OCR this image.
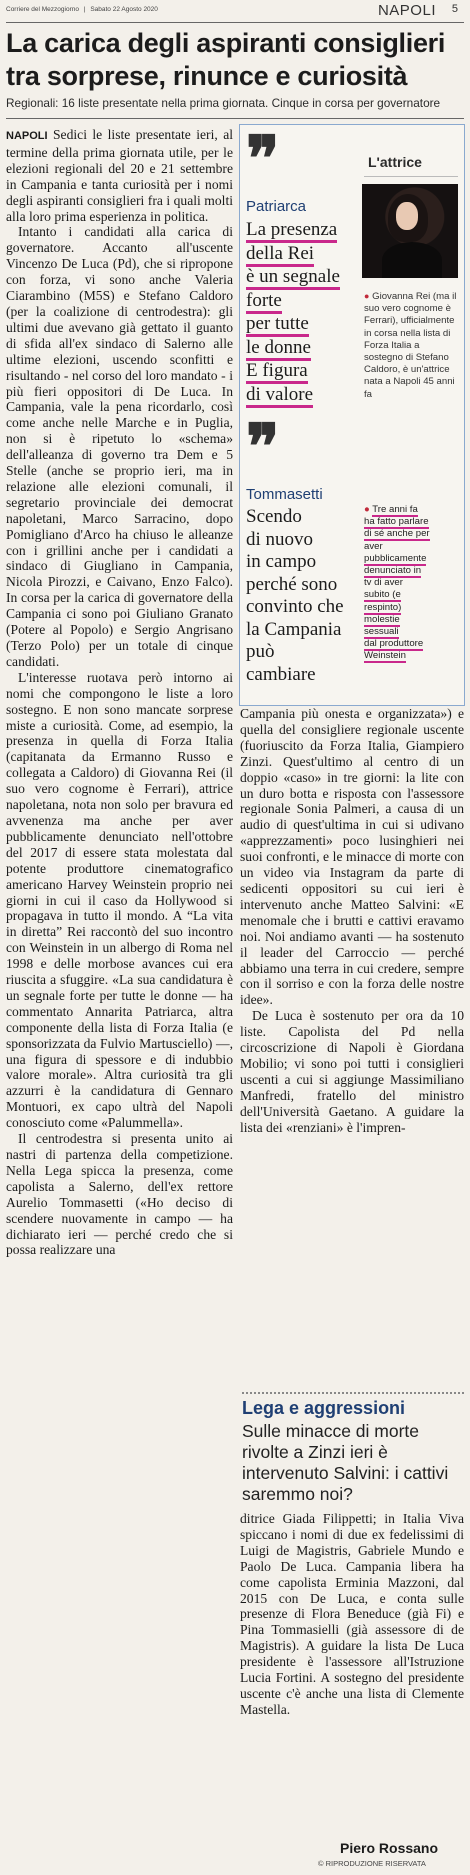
Corriere del Mezzogiorno | Sabato 22 Agosto 2020	NAPOLI 5
La carica degli aspiranti consiglieri
tra sorprese, rinunce e curiosità
Regionali: 16 liste presentate nella prima giornata. Cinque in corsa per governatore

NAPOLI Sedici le liste presentate ieri, al termine della prima giornata utile, per le elezioni regionali del 20 e 21 settembre in Campania e tanta curiosità per i nomi degli aspiranti consiglieri fra i quali molti alla loro prima esperienza in politica.

Intanto i candidati alla carica di governatore. Accanto all'uscente Vincenzo De Luca (Pd), che si ripropone con forza, vi sono anche Valeria Ciarambino (M5S) e Stefano Caldoro (per la coalizione di centrodestra): gli ultimi due avevano già gettato il guanto di sfida all'ex sindaco di Salerno alle ultime elezioni, uscendo sconfitti e risultando - nel corso del loro mandato - i più fieri oppositori di De Luca. In Campania, vale la pena ricordarlo, così come anche nelle Marche e in Puglia, non si è ripetuto lo «schema» dell'alleanza di governo tra Dem e 5 Stelle (anche se proprio ieri, ma in relazione alle elezioni comunali, il segretario provinciale dei democrat napoletani, Marco Sarracino, dopo Pomigliano d'Arco ha chiuso le alleanze con i grillini anche per i candidati a sindaco di Giugliano in Campania, Nicola Pirozzi, e Caivano, Enzo Falco). In corsa per la carica di governatore della Campania ci sono poi Giuliano Granato (Potere al Popolo) e Sergio Angrisano (Terzo Polo) per un totale di cinque candidati.

L'interesse ruotava però intorno ai nomi che compongono le liste a loro sostegno. E non sono mancate sorprese miste a curiosità. Come, ad esempio, la presenza in quella di Forza Italia (capitanata da Ermanno Russo e collegata a Caldoro) di Giovanna Rei (il suo vero cognome è Ferrari), attrice napoletana, nota non solo per bravura ed avvenenza ma anche per aver pubblicamente denunciato nell'ottobre del 2017 di essere stata molestata dal potente produttore cinematografico americano Harvey Weinstein proprio nei giorni in cui il caso da Hollywood si propagava in tutto il mondo. A “La vita in diretta” Rei raccontò del suo incontro con Weinstein in un albergo di Roma nel 1998 e delle morbose avances cui era riuscita a sfuggire. «La sua candidatura è un segnale forte per tutte le donne — ha commentato Annarita Patriarca, altra componente della lista di Forza Italia (e sponsorizzata da Fulvio Martusciello) —, una figura di spessore e di indubbio valore morale». Altra curiosità tra gli azzurri è la candidatura di Gennaro Montuori, ex capo ultrà del Napoli conosciuto come «Palummella».

Il centrodestra si presenta unito ai nastri di partenza della competizione. Nella Lega spicca la presenza, come capolista a Salerno, dell'ex rettore Aurelio Tommasetti («Ho deciso di scendere nuovamente in campo — ha dichiarato ieri — perché credo che si possa realizzare una

❞
Patriarca
La presenza
della Rei
è un segnale
forte
per tutte
le donne
E figura
di valore
❞
Tommasetti
Scendo
di nuovo
in campo
perché sono
convinto che
la Campania
può
cambiare
L'attrice
● Giovanna Rei (ma il suo vero cognome è Ferrari), ufficialmente in corsa nella lista di Forza Italia a sostegno di Stefano Caldoro, è un'attrice nata a Napoli 45 anni fa
● Tre anni fa
ha fatto parlare
di sé anche per
aver
pubblicamente
denunciato in
tv di aver
subito (e
respinto)
molestie
sessuali
dal produttore
Weinstein

Campania più onesta e organizzata») e quella del consigliere regionale uscente (fuoriuscito da Forza Italia, Giampiero Zinzi. Quest'ultimo al centro di un doppio «caso» in tre giorni: la lite con un duro botta e risposta con l'assessore regionale Sonia Palmeri, a causa di un audio di quest'ultima in cui si udivano «apprezzamenti» poco lusinghieri nei suoi confronti, e le minacce di morte con un video via Instagram da parte di sedicenti oppositori su cui ieri è intervenuto anche Matteo Salvini: «E menomale che i brutti e cattivi eravamo noi. Noi andiamo avanti — ha sostenuto il leader del Carroccio — perché abbiamo una terra in cui credere, sempre con il sorriso e con la forza delle nostre idee».

De Luca è sostenuto per ora da 10 liste. Capolista del Pd nella circoscrizione di Napoli è Giordana Mobilio; vi sono poi tutti i consiglieri uscenti a cui si aggiunge Massimiliano Manfredi, fratello del ministro dell'Università Gaetano. A guidare la lista dei «renziani» è l'impren-

Lega e aggressioni
Sulle minacce di morte rivolte a Zinzi ieri è intervenuto Salvini: i cattivi saremmo noi?

ditrice Giada Filippetti; in Italia Viva spiccano i nomi di due ex fedelissimi di Luigi de Magistris, Gabriele Mundo e Paolo De Luca. Campania libera ha come capolista Erminia Mazzoni, dal 2015 con De Luca, e conta sulle presenze di Flora Beneduce (già Fi) e Pina Tommasielli (già assessore di de Magistris). A guidare la lista De Luca presidente è l'assessore all'Istruzione Lucia Fortini. A sostegno del presidente uscente c'è anche una lista di Clemente Mastella.

Piero Rossano
© RIPRODUZIONE RISERVATA
